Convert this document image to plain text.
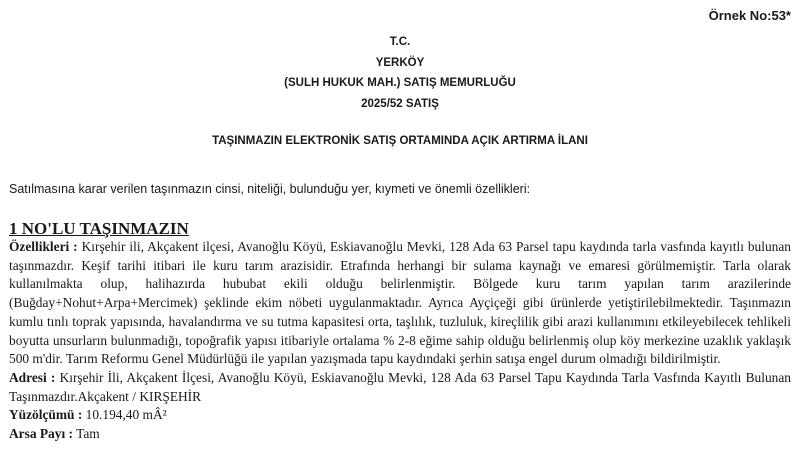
Örnek No:53*
T.C.
YERKÖY
(SULH HUKUK MAH.) SATIŞ MEMURLUĞU
2025/52 SATIŞ
TAŞINMAZIN ELEKTRONİK SATIŞ ORTAMINDA AÇIK ARTIRMA İLANI
Satılmasına karar verilen taşınmazın cinsi, niteliği, bulunduğu yer, kıymeti ve önemli özellikleri:
1 NO'LU TAŞINMAZIN

Özellikleri : Kırşehir ili, Akçakent ilçesi, Avanoğlu Köyü, Eskiavanoğlu Mevki, 128 Ada 63 Parsel tapu kaydında tarla vasfında kayıtlı bulunan taşınmazdır. Keşif tarihi itibari ile kuru tarım arazisidir. Etrafında herhangi bir sulama kaynağı ve emaresi görülmemiştir. Tarla olarak kullanılmakta olup, halihazırda hububat ekili olduğu belirlenmiştir. Bölgede kuru tarım yapılan tarım arazilerinde (Buğday+Nohut+Arpa+Mercimek) şeklinde ekim nöbeti uygulanmaktadır. Ayrıca Ayçiçeği gibi ürünlerde yetiştirilebilmektedir. Taşınmazın kumlu tınlı toprak yapısında, havalandırma ve su tutma kapasitesi orta, taşlılık, tuzluluk, kireçlilik gibi arazi kullanımını etkileyebilecek tehlikeli boyutta unsurların bulunmadığı, topoğrafik yapısı itibariyle ortalama % 2-8 eğime sahip olduğu belirlenmiş olup köy merkezine uzaklık yaklaşık 500 m'dir. Tarım Reformu Genel Müdürlüğü ile yapılan yazışmada tapu kaydındaki şerhin satışa engel durum olmadığı bildirilmiştir.

Adresi : Kırşehir İli, Akçakent İlçesi, Avanoğlu Köyü, Eskiavanoğlu Mevki, 128 Ada 63 Parsel Tapu Kaydında Tarla Vasfında Kayıtlı Bulunan Taşınmazdır.Akçakent / KIRŞEHİR

Yüzölçümü : 10.194,40 mÂ²

Arsa Payı : Tam
